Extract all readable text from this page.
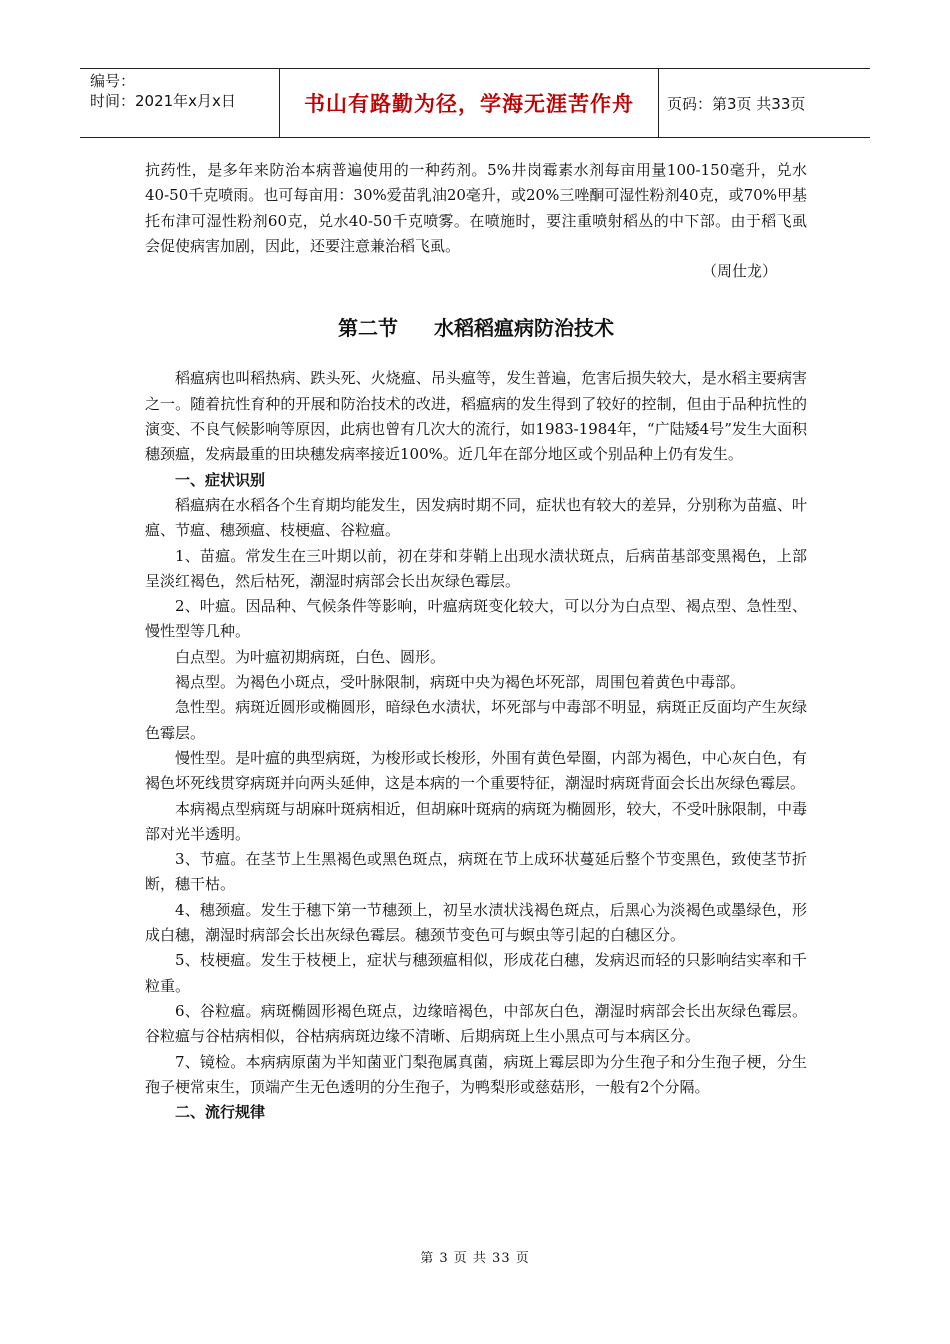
编号：
时间：2021年x月x日	书山有路勤为径，学海无涯苦作舟	页码：第3页 共33页

抗药性，是多年来防治本病普遍使用的一种药剂。5%井岗霉素水剂每亩用量100-150毫升，兑水40-50千克喷雨。也可每亩用：30%爱苗乳油20毫升，或20%三唑酮可湿性粉剂40克，或70%甲基托布津可湿性粉剂60克，兑水40-50千克喷雾。在喷施时，要注重喷射稻丛的中下部。由于稻飞虱会促使病害加剧，因此，还要注意兼治稻飞虱。

（周仕龙）

第二节 水稻稻瘟病防治技术

稻瘟病也叫稻热病、跌头死、火烧瘟、吊头瘟等，发生普遍，危害后损失较大，是水稻主要病害之一。随着抗性育种的开展和防治技术的改进，稻瘟病的发生得到了较好的控制，但由于品种抗性的演变、不良气候影响等原因，此病也曾有几次大的流行，如1983-1984年，“广陆矮4号”发生大面积穗颈瘟，发病最重的田块穗发病率接近100%。近几年在部分地区或个别品种上仍有发生。

一、症状识别

稻瘟病在水稻各个生育期均能发生，因发病时期不同，症状也有较大的差异，分别称为苗瘟、叶瘟、节瘟、穗颈瘟、枝梗瘟、谷粒瘟。

1、苗瘟。常发生在三叶期以前，初在芽和芽鞘上出现水渍状斑点，后病苗基部变黑褐色，上部呈淡红褐色，然后枯死，潮湿时病部会长出灰绿色霉层。

2、叶瘟。因品种、气候条件等影响，叶瘟病斑变化较大，可以分为白点型、褐点型、急性型、慢性型等几种。

白点型。为叶瘟初期病斑，白色、圆形。

褐点型。为褐色小斑点，受叶脉限制，病斑中央为褐色坏死部，周围包着黄色中毒部。

急性型。病斑近圆形或椭圆形，暗绿色水渍状，坏死部与中毒部不明显，病斑正反面均产生灰绿色霉层。

慢性型。是叶瘟的典型病斑，为梭形或长梭形，外围有黄色晕圈，内部为褐色，中心灰白色，有褐色坏死线贯穿病斑并向两头延伸，这是本病的一个重要特征，潮湿时病斑背面会长出灰绿色霉层。

本病褐点型病斑与胡麻叶斑病相近，但胡麻叶斑病的病斑为椭圆形，较大，不受叶脉限制，中毒部对光半透明。

3、节瘟。在茎节上生黑褐色或黑色斑点，病斑在节上成环状蔓延后整个节变黑色，致使茎节折断，穗干枯。

4、穗颈瘟。发生于穗下第一节穗颈上，初呈水渍状浅褐色斑点，后黑心为淡褐色或墨绿色，形成白穗，潮湿时病部会长出灰绿色霉层。穗颈节变色可与螟虫等引起的白穗区分。

5、枝梗瘟。发生于枝梗上，症状与穗颈瘟相似，形成花白穗，发病迟而轻的只影响结实率和千粒重。

6、谷粒瘟。病斑椭圆形褐色斑点，边缘暗褐色，中部灰白色，潮湿时病部会长出灰绿色霉层。谷粒瘟与谷枯病相似，谷枯病病斑边缘不清晰、后期病斑上生小黑点可与本病区分。

7、镜检。本病病原菌为半知菌亚门梨孢属真菌，病斑上霉层即为分生孢子和分生孢子梗，分生孢子梗常束生，顶端产生无色透明的分生孢子，为鸭梨形或慈菇形，一般有2个分隔。

二、流行规律

第 3 页 共 33 页
